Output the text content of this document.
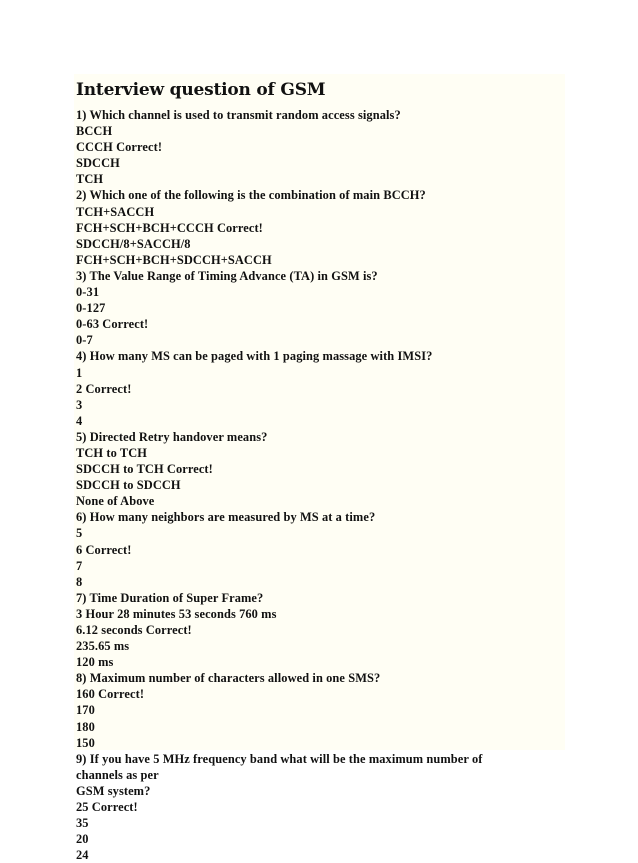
Interview question of GSM
1) Which channel is used to transmit random access signals?
BCCH
CCCH Correct!
SDCCH
TCH
2) Which one of the following is the combination of main BCCH?
TCH+SACCH
FCH+SCH+BCH+CCCH Correct!
SDCCH/8+SACCH/8
FCH+SCH+BCH+SDCCH+SACCH
3) The Value Range of Timing Advance (TA) in GSM is?
0-31
0-127
0-63 Correct!
0-7
4) How many MS can be paged with 1 paging massage with IMSI?
1
2 Correct!
3
4
5) Directed Retry handover means?
TCH to TCH
SDCCH to TCH Correct!
SDCCH to SDCCH
None of Above
6) How many neighbors are measured by MS at a time?
5
6 Correct!
7
8
7) Time Duration of Super Frame?
3 Hour 28 minutes 53 seconds 760 ms
6.12 seconds Correct!
235.65 ms
120 ms
8) Maximum number of characters allowed in one SMS?
160 Correct!
170
180
150
9) If you have 5 MHz frequency band what will be the maximum number of
channels as per
GSM system?
25 Correct!
35
20
24
